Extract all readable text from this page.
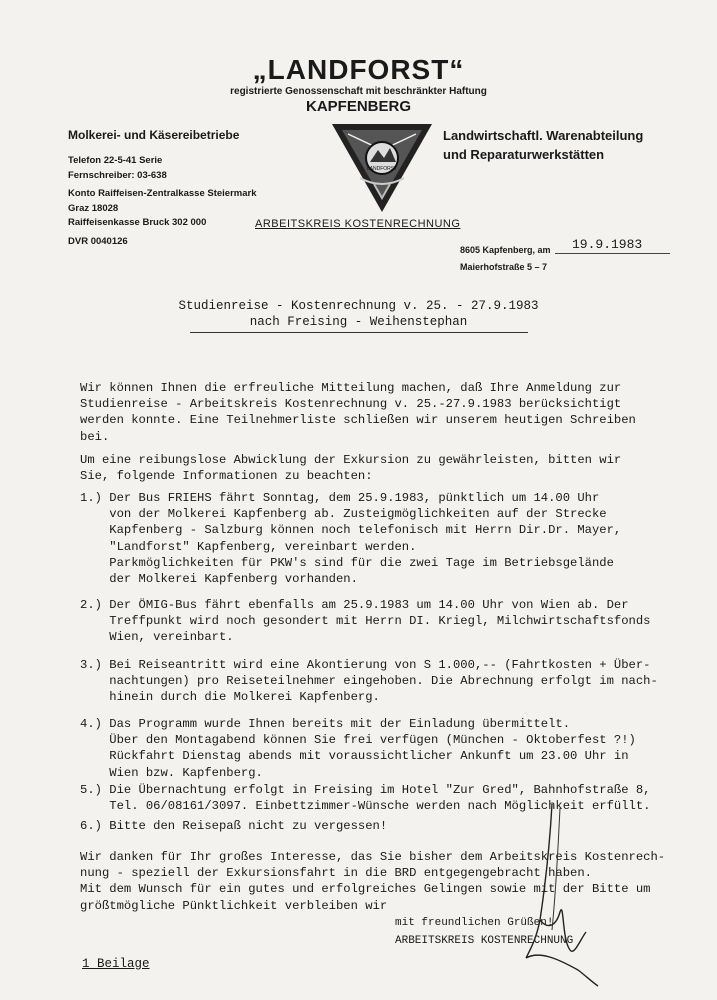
„LANDFORST“
registrierte Genossenschaft mit beschränkter Haftung
KAPFENBERG
Molkerei- und Käsereibetriebe
Telefon 22-5-41 Serie
Fernschreiber: 03-638
Konto Raiffeisen-Zentralkasse Steiermark
Graz 18028
Raiffeisenkasse Bruck 302 000
DVR 0040126
Landwirtschaftl. Warenabteilung
und Reparaturwerkstätten
LANDFORST
ARBEITSKREIS KOSTENRECHNUNG
8605 Kapfenberg, am 19.9.1983
Maierhofstraße 5 – 7
Studienreise - Kostenrechnung v. 25. - 27.9.1983
nach Freising - Weihenstephan
Wir können Ihnen die erfreuliche Mitteilung machen, daß Ihre Anmeldung zur
Studienreise - Arbeitskreis Kostenrechnung v. 25.-27.9.1983 berücksichtigt
werden konnte. Eine Teilnehmerliste schließen wir unserem heutigen Schreiben
bei.
Um eine reibungslose Abwicklung der Exkursion zu gewährleisten, bitten wir
Sie, folgende Informationen zu beachten:
1.) Der Bus FRIEHS fährt Sonntag, dem 25.9.1983, pünktlich um 14.00 Uhr
von der Molkerei Kapfenberg ab. Zusteigmöglichkeiten auf der Strecke
Kapfenberg - Salzburg können noch telefonisch mit Herrn Dir.Dr. Mayer,
"Landforst" Kapfenberg, vereinbart werden.
Parkmöglichkeiten für PKW's sind für die zwei Tage im Betriebsgelände
der Molkerei Kapfenberg vorhanden.
2.) Der ÖMIG-Bus fährt ebenfalls am 25.9.1983 um 14.00 Uhr von Wien ab. Der
Treffpunkt wird noch gesondert mit Herrn DI. Kriegl, Milchwirtschaftsfonds
Wien, vereinbart.
3.) Bei Reiseantritt wird eine Akontierung von S 1.000,-- (Fahrtkosten + Über-
nachtungen) pro Reiseteilnehmer eingehoben. Die Abrechnung erfolgt im nach-
hinein durch die Molkerei Kapfenberg.
4.) Das Programm wurde Ihnen bereits mit der Einladung übermittelt.
Über den Montagabend können Sie frei verfügen (München - Oktoberfest ?!)
Rückfahrt Dienstag abends mit voraussichtlicher Ankunft um 23.00 Uhr in
Wien bzw. Kapfenberg.
5.) Die Übernachtung erfolgt in Freising im Hotel "Zur Gred", Bahnhofstraße 8,
Tel. 06/08161/3097. Einbettzimmer-Wünsche werden nach Möglichkeit erfüllt.
6.) Bitte den Reisepaß nicht zu vergessen!
Wir danken für Ihr großes Interesse, das Sie bisher dem Arbeitskreis Kostenrech-
nung - speziell der Exkursionsfahrt in die BRD entgegengebracht haben.
Mit dem Wunsch für ein gutes und erfolgreiches Gelingen sowie mit der Bitte um
größtmögliche Pünktlichkeit verbleiben wir
mit freundlichen Grüßen!
ARBEITSKREIS KOSTENRECHNUNG
1 Beilage
